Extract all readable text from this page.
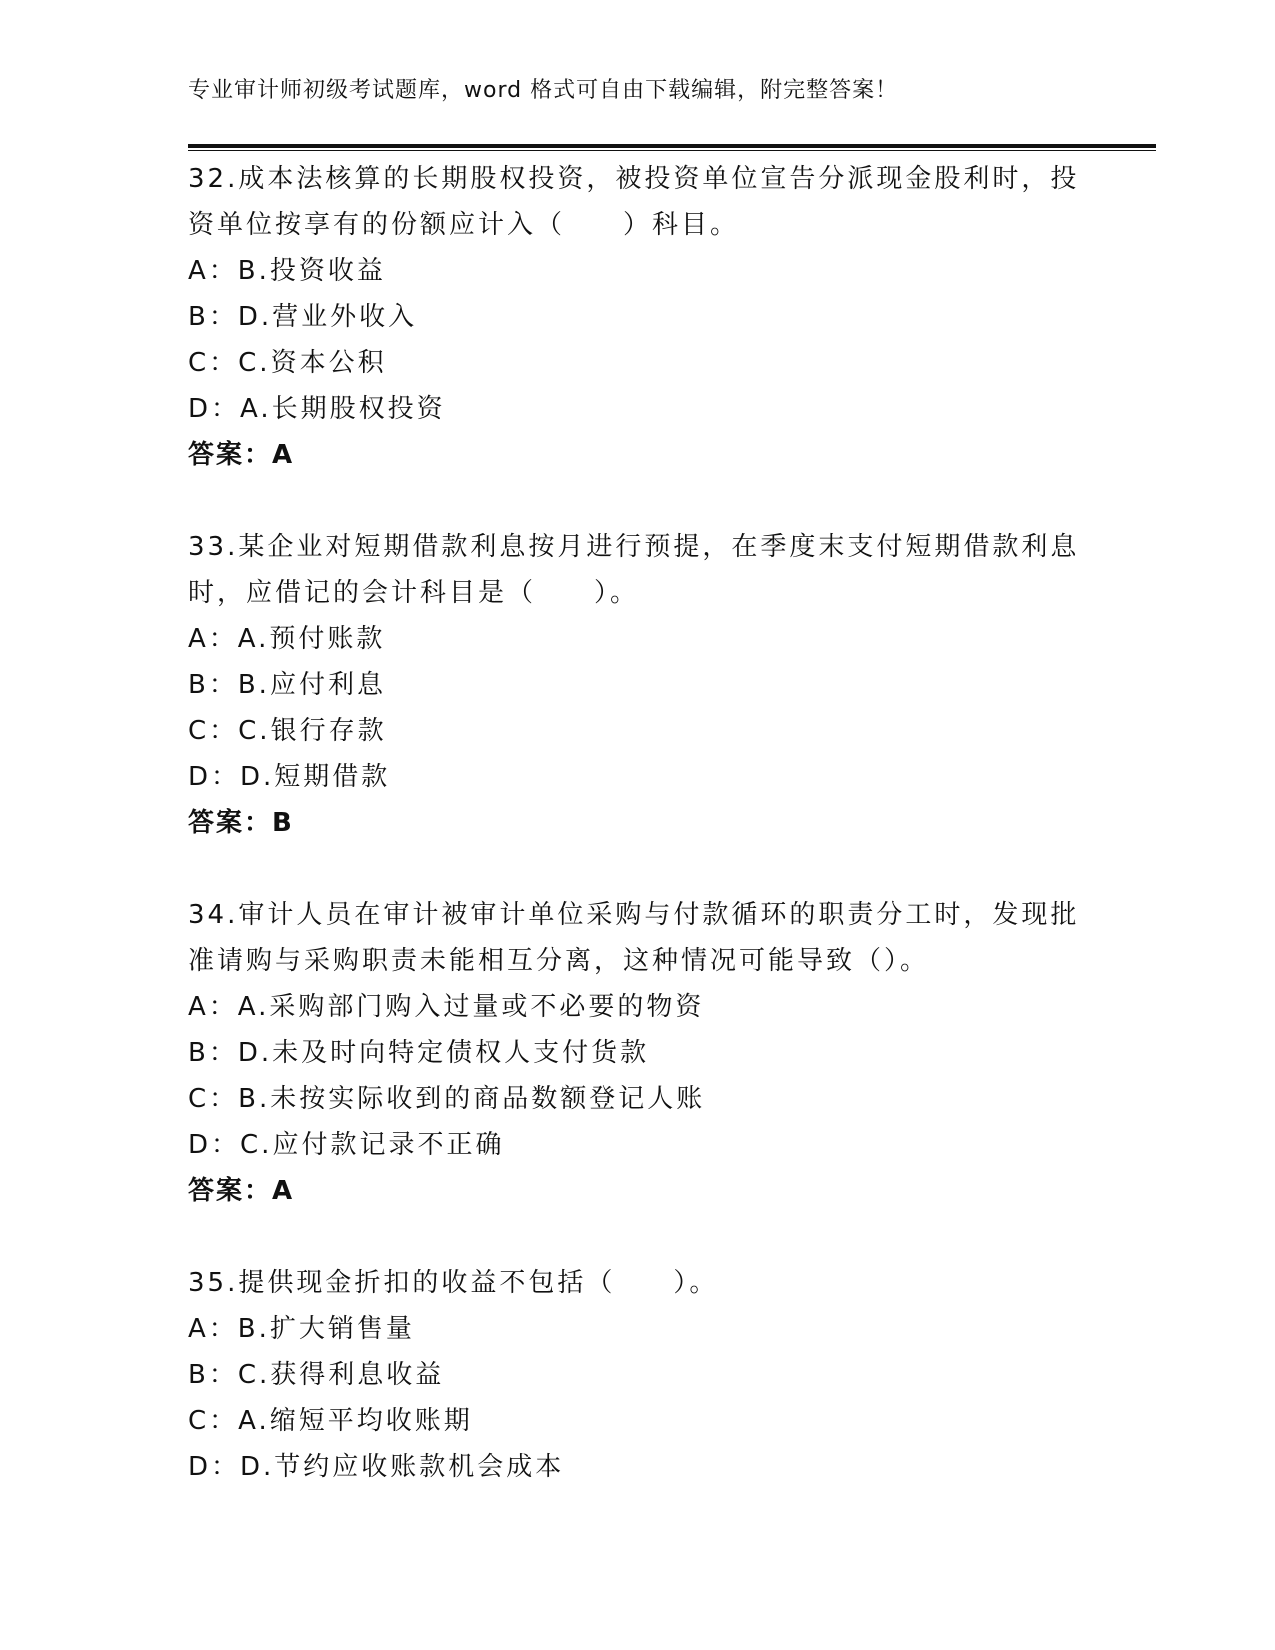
专业审计师初级考试题库，word 格式可自由下载编辑，附完整答案！

32.成本法核算的长期股权投资，被投资单位宣告分派现金股利时，投资单位按享有的份额应计入（　　）科目。

A：B.投资收益
B：D.营业外收入
C：C.资本公积
D：A.长期股权投资
答案：A

33.某企业对短期借款利息按月进行预提，在季度末支付短期借款利息时，应借记的会计科目是（　　）。

A：A.预付账款
B：B.应付利息
C：C.银行存款
D：D.短期借款
答案：B

34.审计人员在审计被审计单位采购与付款循环的职责分工时，发现批准请购与采购职责未能相互分离，这种情况可能导致（）。

A：A.采购部门购入过量或不必要的物资
B：D.未及时向特定债权人支付货款
C：B.未按实际收到的商品数额登记人账
D：C.应付款记录不正确
答案：A

35.提供现金折扣的收益不包括（　　）。

A：B.扩大销售量
B：C.获得利息收益
C：A.缩短平均收账期
D：D.节约应收账款机会成本
